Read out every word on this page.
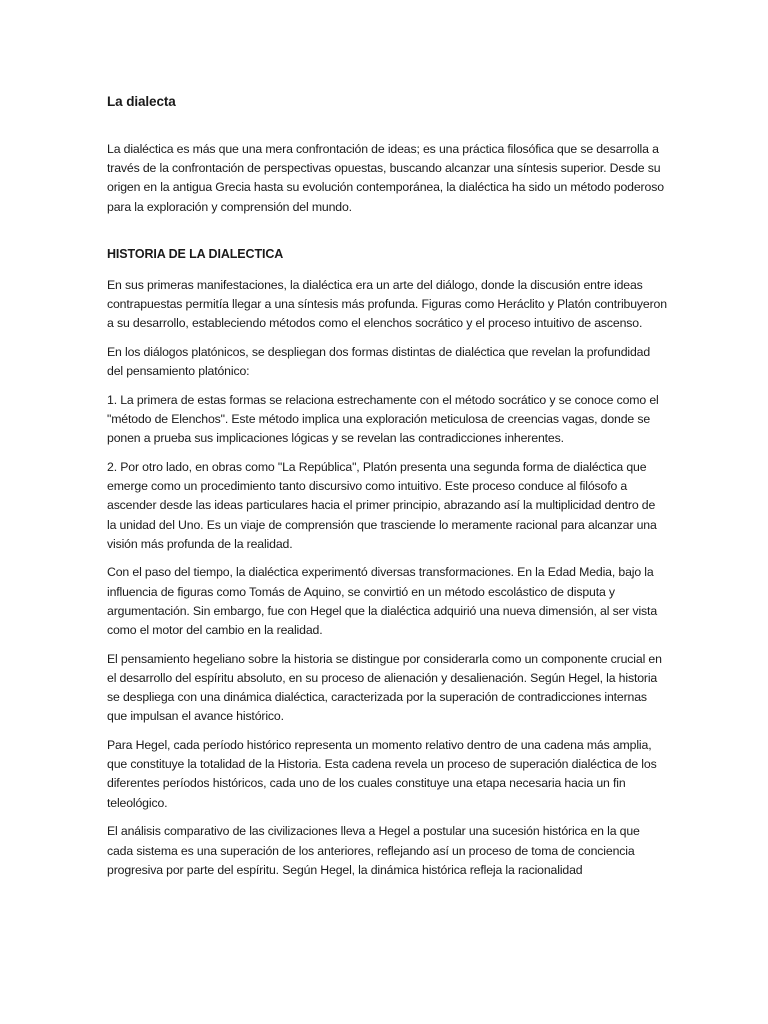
La dialecta

La dialéctica es más que una mera confrontación de ideas; es una práctica filosófica que se desarrolla a través de la confrontación de perspectivas opuestas, buscando alcanzar una síntesis superior. Desde su origen en la antigua Grecia hasta su evolución contemporánea, la dialéctica ha sido un método poderoso para la exploración y comprensión del mundo.

HISTORIA DE LA DIALECTICA

En sus primeras manifestaciones, la dialéctica era un arte del diálogo, donde la discusión entre ideas contrapuestas permitía llegar a una síntesis más profunda. Figuras como Heráclito y Platón contribuyeron a su desarrollo, estableciendo métodos como el elenchos socrático y el proceso intuitivo de ascenso.

En los diálogos platónicos, se despliegan dos formas distintas de dialéctica que revelan la profundidad del pensamiento platónico:

1. La primera de estas formas se relaciona estrechamente con el método socrático y se conoce como el "método de Elenchos". Este método implica una exploración meticulosa de creencias vagas, donde se ponen a prueba sus implicaciones lógicas y se revelan las contradicciones inherentes.

2. Por otro lado, en obras como "La República", Platón presenta una segunda forma de dialéctica que emerge como un procedimiento tanto discursivo como intuitivo. Este proceso conduce al filósofo a ascender desde las ideas particulares hacia el primer principio, abrazando así la multiplicidad dentro de la unidad del Uno. Es un viaje de comprensión que trasciende lo meramente racional para alcanzar una visión más profunda de la realidad.

Con el paso del tiempo, la dialéctica experimentó diversas transformaciones. En la Edad Media, bajo la influencia de figuras como Tomás de Aquino, se convirtió en un método escolástico de disputa y argumentación. Sin embargo, fue con Hegel que la dialéctica adquirió una nueva dimensión, al ser vista como el motor del cambio en la realidad.

El pensamiento hegeliano sobre la historia se distingue por considerarla como un componente crucial en el desarrollo del espíritu absoluto, en su proceso de alienación y desalienación. Según Hegel, la historia se despliega con una dinámica dialéctica, caracterizada por la superación de contradicciones internas que impulsan el avance histórico.

Para Hegel, cada período histórico representa un momento relativo dentro de una cadena más amplia, que constituye la totalidad de la Historia. Esta cadena revela un proceso de superación dialéctica de los diferentes períodos históricos, cada uno de los cuales constituye una etapa necesaria hacia un fin teleológico.

El análisis comparativo de las civilizaciones lleva a Hegel a postular una sucesión histórica en la que cada sistema es una superación de los anteriores, reflejando así un proceso de toma de conciencia progresiva por parte del espíritu. Según Hegel, la dinámica histórica refleja la racionalidad
